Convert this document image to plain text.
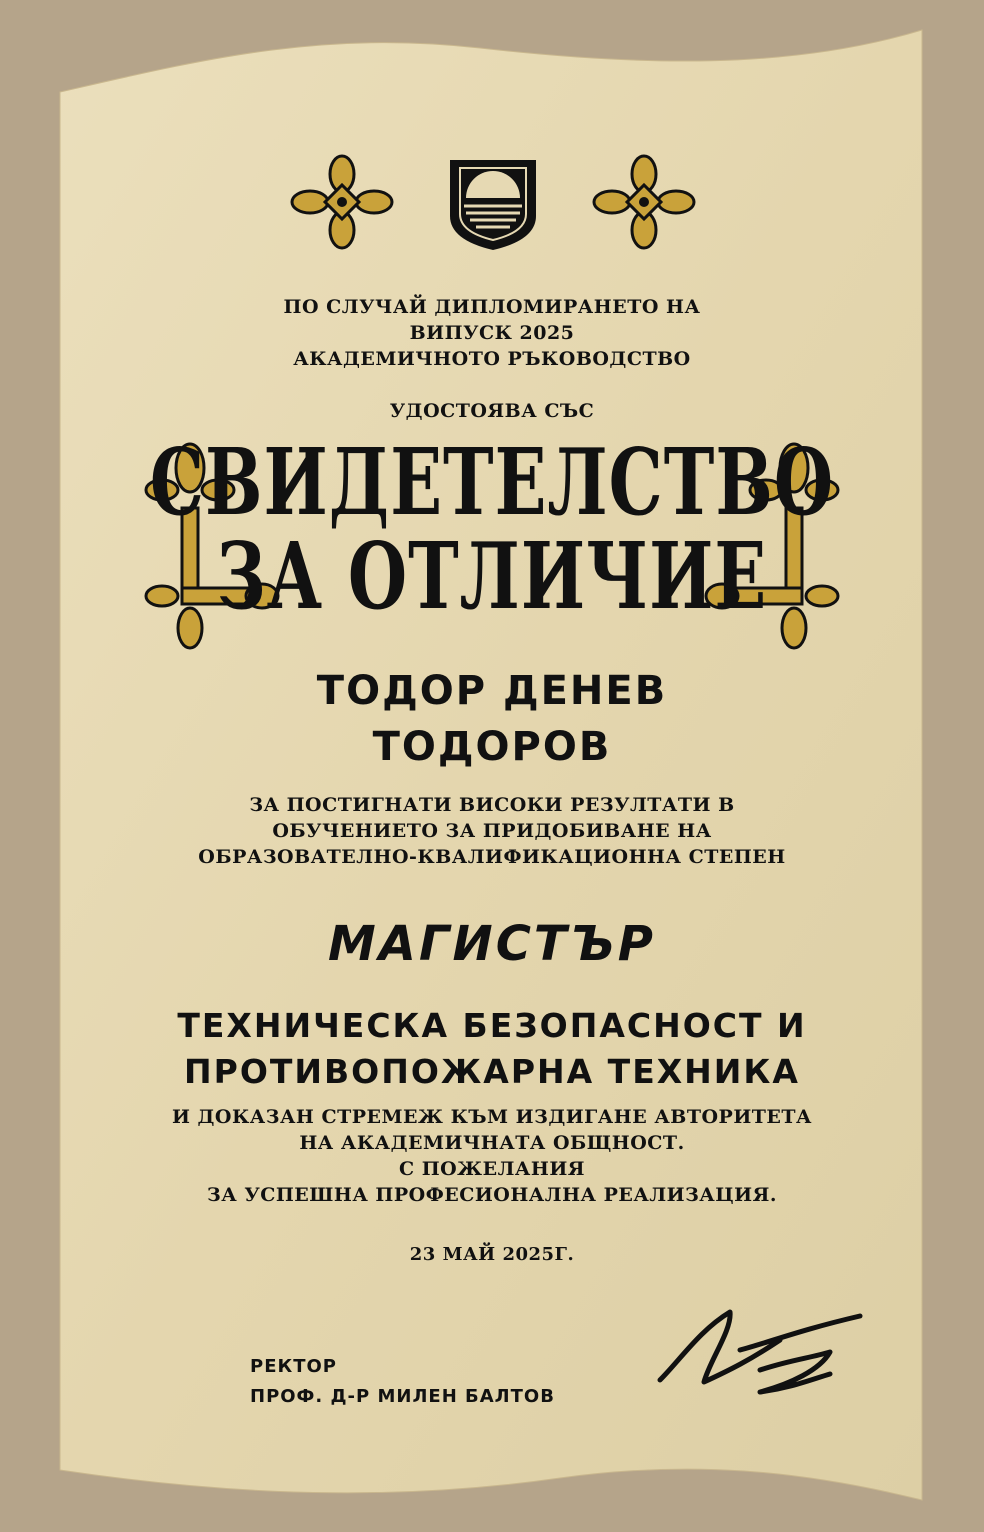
ПО СЛУЧАЙ ДИПЛОМИРАНЕТО НА
ВИПУСК 2025
АКАДЕМИЧНОТО РЪКОВОДСТВО
УДОСТОЯВА СЪС
СВИДЕТЕЛСТВО
ЗА ОТЛИЧИЕ
ТОДОР ДЕНЕВ
ТОДОРОВ
ЗА ПОСТИГНАТИ ВИСОКИ РЕЗУЛТАТИ В
ОБУЧЕНИЕТО ЗА ПРИДОБИВАНЕ НА
ОБРАЗОВАТЕЛНО-КВАЛИФИКАЦИОННА СТЕПЕН
МАГИСТЪР
ТЕХНИЧЕСКА БЕЗОПАСНОСТ И
ПРОТИВОПОЖАРНА ТЕХНИКА
И ДОКАЗАН СТРЕМЕЖ КЪМ ИЗДИГАНЕ АВТОРИТЕТА
НА АКАДЕМИЧНАТА ОБЩНОСТ.
С ПОЖЕЛАНИЯ
ЗА УСПЕШНА ПРОФЕСИОНАЛНА РЕАЛИЗАЦИЯ.
23 МАЙ 2025Г.
РЕКТОР
ПРОФ. Д-Р МИЛЕН БАЛТОВ
